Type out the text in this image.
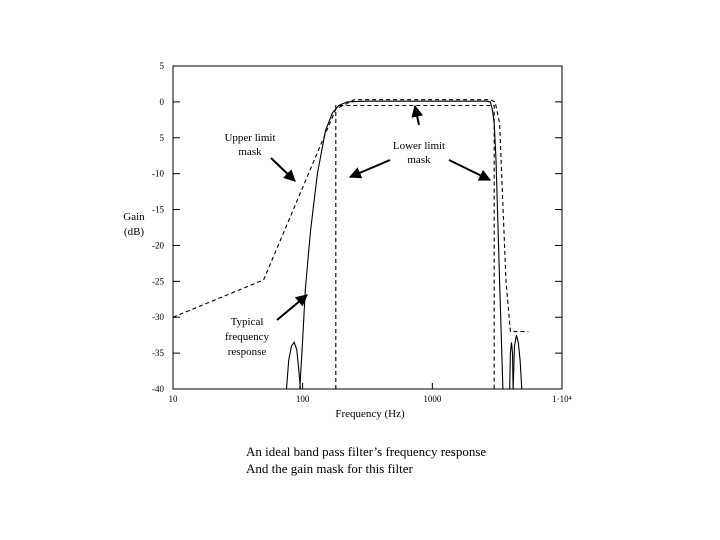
5
0
5
-10
-15
-20
-25
-30
-35
-40
10	100	1000	1·10⁴
Gain
(dB)
Frequency (Hz)
Upper limit
mask	Lower limit
mask
Typical
frequency
response
An ideal band pass filter’s frequency response
And the gain mask for this filter
